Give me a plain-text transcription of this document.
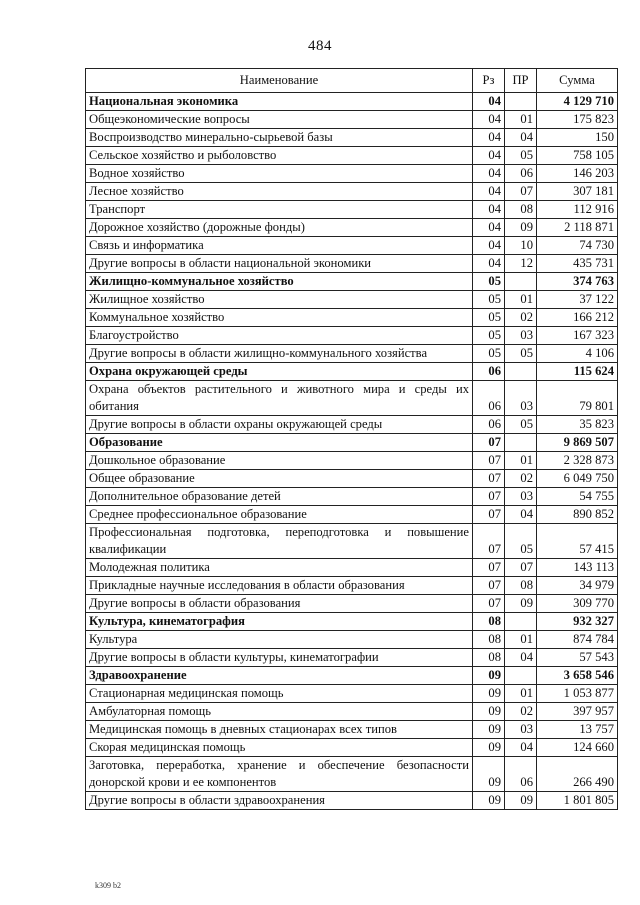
484
Наименование	Рз	ПР	Сумма
Национальная экономика	04		4 129 710
Общеэкономические вопросы	04	01	175 823
Воспроизводство минерально-сырьевой базы	04	04	150
Сельское хозяйство и рыболовство	04	05	758 105
Водное хозяйство	04	06	146 203
Лесное хозяйство	04	07	307 181
Транспорт	04	08	112 916
Дорожное хозяйство (дорожные фонды)	04	09	2 118 871
Связь и информатика	04	10	74 730
Другие вопросы в области национальной экономики	04	12	435 731
Жилищно-коммунальное хозяйство	05		374 763
Жилищное хозяйство	05	01	37 122
Коммунальное хозяйство	05	02	166 212
Благоустройство	05	03	167 323
Другие вопросы в области жилищно-коммунального хозяйства	05	05	4 106
Охрана окружающей среды	06		115 624
Охрана объектов растительного и животного мира и среды их обитания	06	03	79 801
Другие вопросы в области охраны окружающей среды	06	05	35 823
Образование	07		9 869 507
Дошкольное образование	07	01	2 328 873
Общее образование	07	02	6 049 750
Дополнительное образование детей	07	03	54 755
Среднее профессиональное образование	07	04	890 852
Профессиональная подготовка, переподготовка и повышение квалификации	07	05	57 415
Молодежная политика	07	07	143 113
Прикладные научные исследования в области образования	07	08	34 979
Другие вопросы в области образования	07	09	309 770
Культура, кинематография	08		932 327
Культура	08	01	874 784
Другие вопросы в области культуры, кинематографии	08	04	57 543
Здравоохранение	09		3 658 546
Стационарная медицинская помощь	09	01	1 053 877
Амбулаторная помощь	09	02	397 957
Медицинская помощь в дневных стационарах всех типов	09	03	13 757
Скорая медицинская помощь	09	04	124 660
Заготовка, переработка, хранение и обеспечение безопасности донорской крови и ее компонентов	09	06	266 490
Другие вопросы в области здравоохранения	09	09	1 801 805
k309 b2
